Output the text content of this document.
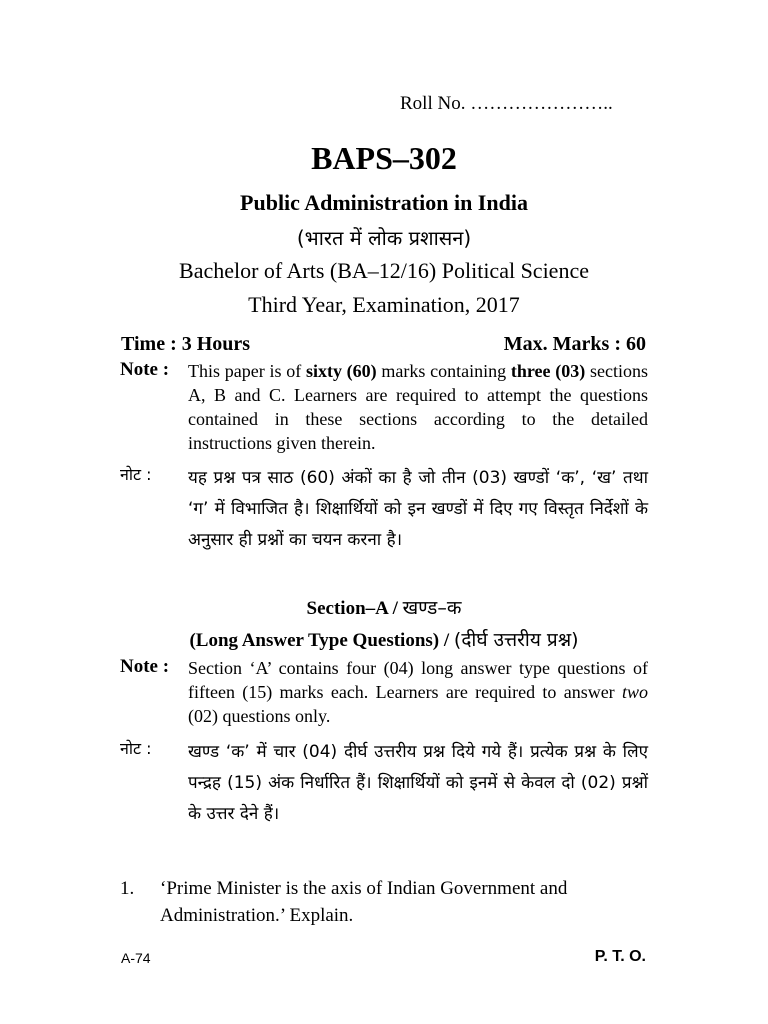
Roll No. …………………..
BAPS–302
Public Administration in India
(भारत में लोक प्रशासन)
Bachelor of Arts (BA–12/16) Political Science
Third Year, Examination, 2017
Time : 3 Hours	Max. Marks : 60
Note :	This paper is of sixty (60) marks containing three (03) sections A, B and C. Learners are required to attempt the questions contained in these sections according to the detailed instructions given therein.
नोट :	यह प्रश्न पत्र साठ (60) अंकों का है जो तीन (03) खण्डों ‘क’, ‘ख’ तथा ‘ग’ में विभाजित है। शिक्षार्थियों को इन खण्डों में दिए गए विस्तृत निर्देशों के अनुसार ही प्रश्नों का चयन करना है।
Section–A / खण्ड–क
(Long Answer Type Questions) / (दीर्घ उत्तरीय प्रश्न)
Note :	Section ‘A’ contains four (04) long answer type questions of fifteen (15) marks each. Learners are required to answer two (02) questions only.
नोट :	खण्ड ‘क’ में चार (04) दीर्घ उत्तरीय प्रश्न दिये गये हैं। प्रत्येक प्रश्न के लिए पन्द्रह (15) अंक निर्धारित हैं। शिक्षार्थियों को इनमें से केवल दो (02) प्रश्नों के उत्तर देने हैं।
1.	‘Prime Minister is the axis of Indian Government and Administration.’ Explain.
A-74	P. T. O.
